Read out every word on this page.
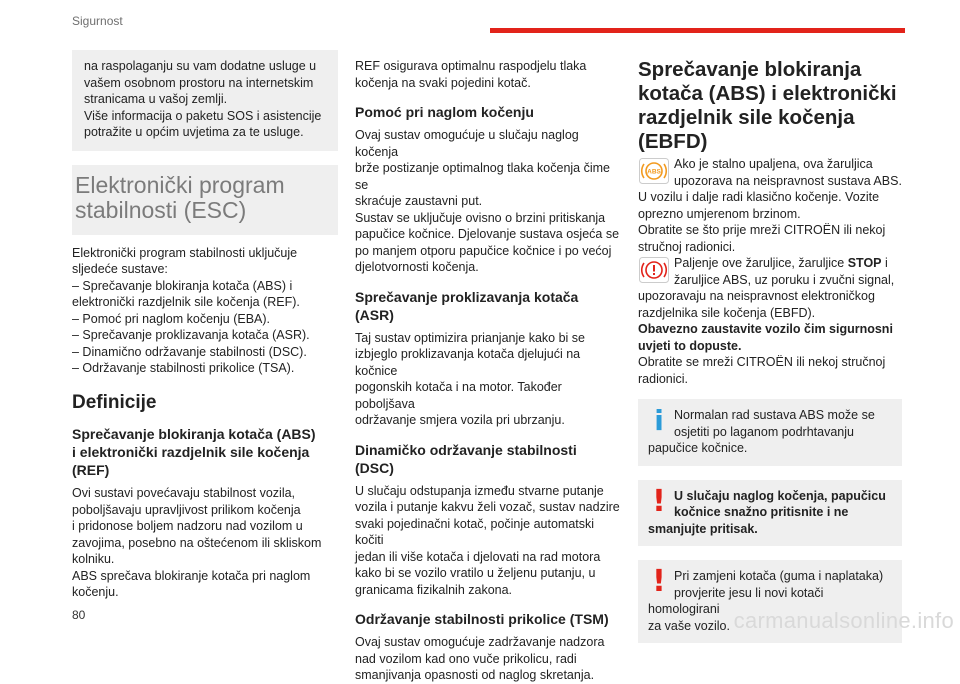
Sigurnost

na raspolaganju su vam dodatne usluge u
vašem osobnom prostoru na internetskim
stranicama u vašoj zemlji.
Više informacija o paketu SOS i asistencije
potražite u općim uvjetima za te usluge.

Elektronički program
stabilnosti (ESC)

Elektronički program stabilnosti uključuje
sljedeće sustave:
– Sprečavanje blokiranja kotača (ABS) i
elektronički razdjelnik sile kočenja (REF).
– Pomoć pri naglom kočenju (EBA).
– Sprečavanje proklizavanja kotača (ASR).
– Dinamično održavanje stabilnosti (DSC).
– Održavanje stabilnosti prikolice (TSA).

Definicije
Sprečavanje blokiranja kotača (ABS)
i elektronički razdjelnik sile kočenja
(REF)

Ovi sustavi povećavaju stabilnost vozila,
poboljšavaju upravljivost prilikom kočenja
i pridonose boljem nadzoru nad vozilom u
zavojima, posebno na oštećenom ili skliskom
kolniku.
ABS sprečava blokiranje kotača pri naglom
kočenju.

REF osigurava optimalnu raspodjelu tlaka
kočenja na svaki pojedini kotač.

Pomoć pri naglom kočenju

Ovaj sustav omogućuje u slučaju naglog kočenja
brže postizanje optimalnog tlaka kočenja čime se
skraćuje zaustavni put.
Sustav se uključuje ovisno o brzini pritiskanja
papučice kočnice. Djelovanje sustava osjeća se
po manjem otporu papučice kočnice i po većoj
djelotvornosti kočenja.

Sprečavanje proklizavanja kotača
(ASR)

Taj sustav optimizira prianjanje kako bi se
izbjeglo proklizavanja kotača djelujući na kočnice
pogonskih kotača i na motor. Također poboljšava
održavanje smjera vozila pri ubrzanju.

Dinamičko održavanje stabilnosti
(DSC)

U slučaju odstupanja između stvarne putanje
vozila i putanje kakvu želi vozač, sustav nadzire
svaki pojedinačni kotač, počinje automatski kočiti
jedan ili više kotača i djelovati na rad motora
kako bi se vozilo vratilo u željenu putanju, u
granicama fizikalnih zakona.

Održavanje stabilnosti prikolice (TSM)

Ovaj sustav omogućuje zadržavanje nadzora
nad vozilom kad ono vuče prikolicu, radi
smanjivanja opasnosti od naglog skretanja.

Sprečavanje blokiranja
kotača (ABS) i elektronički
razdjelnik sile kočenja
(EBFD)
ABS

Ako je stalno upaljena, ova žaruljica
upozorava na neispravnost sustava ABS.

U vozilu i dalje radi klasično kočenje. Vozite
oprezno umjerenom brzinom.
Obratite se što prije mreži CITROËN ili nekoj
stručnoj radionici.

Paljenje ove žaruljice, žaruljice STOP i
žaruljice ABS, uz poruku i zvučni signal,

upozoravaju na neispravnost elektroničkog
razdjelnika sile kočenja (EBFD).
Obavezno zaustavite vozilo čim sigurnosni
uvjeti to dopuste.
Obratite se mreži CITROËN ili nekoj stručnoj
radionici.

i Normalan rad sustava ABS može se
osjetiti po laganom podrhtavanju
papučice kočnice.

! U slučaju naglog kočenja, papučicu
kočnice snažno pritisnite i ne
smanjujte pritisak.

! Pri zamjeni kotača (guma i naplataka)
provjerite jesu li novi kotači homologirani
za vaše vozilo.

80	carmanualsonline.info
